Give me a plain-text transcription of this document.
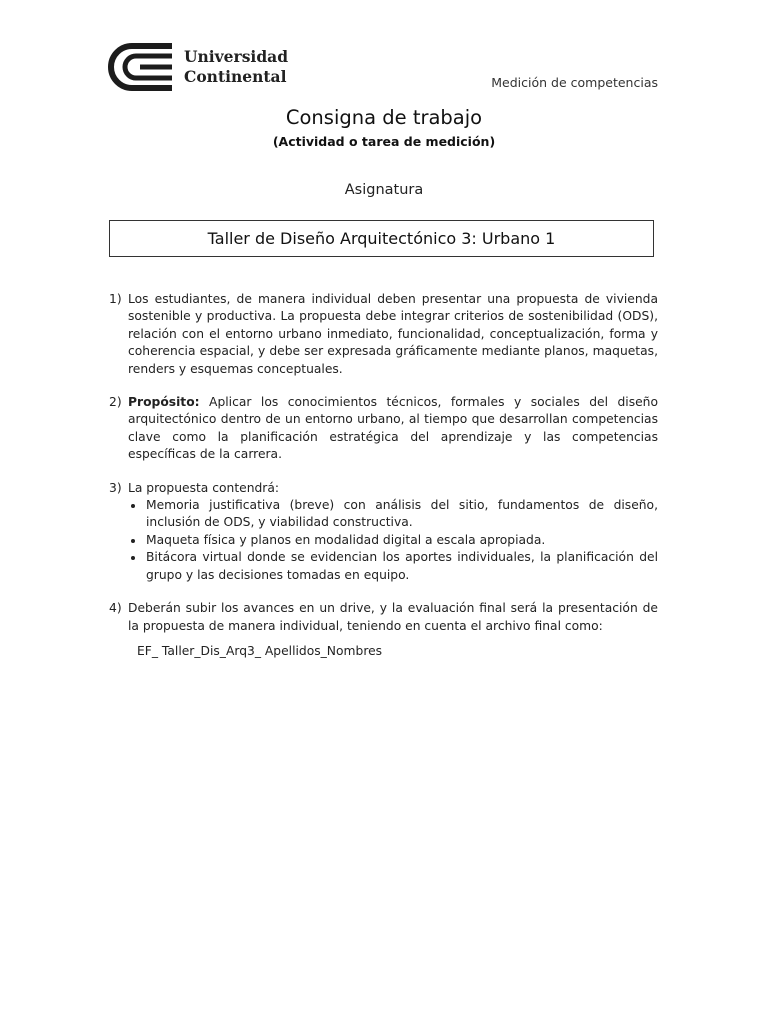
Universidad
Continental	Medición de competencias
Consigna de trabajo
(Actividad o tarea de medición)
Asignatura
Taller de Diseño Arquitectónico 3: Urbano 1
1) Los estudiantes, de manera individual deben presentar una propuesta de vivienda sostenible y productiva. La propuesta debe integrar criterios de sostenibilidad (ODS), relación con el entorno urbano inmediato, funcionalidad, conceptualización, forma y coherencia espacial, y debe ser expresada gráficamente mediante planos, maquetas, renders y esquemas conceptuales.

2) Propósito: Aplicar los conocimientos técnicos, formales y sociales del diseño arquitectónico dentro de un entorno urbano, al tiempo que desarrollan competencias clave como la planificación estratégica del aprendizaje y las competencias específicas de la carrera.

3) La propuesta contendrá:

Memoria justificativa (breve) con análisis del sitio, fundamentos de diseño, inclusión de ODS, y viabilidad constructiva.
Maqueta física y planos en modalidad digital a escala apropiada.
Bitácora virtual donde se evidencian los aportes individuales, la planificación del grupo y las decisiones tomadas en equipo.
4) Deberán subir los avances en un drive, y la evaluación final será la presentación de la propuesta de manera individual, teniendo en cuenta el archivo final como:

EF_ Taller_Dis_Arq3_ Apellidos_Nombres
